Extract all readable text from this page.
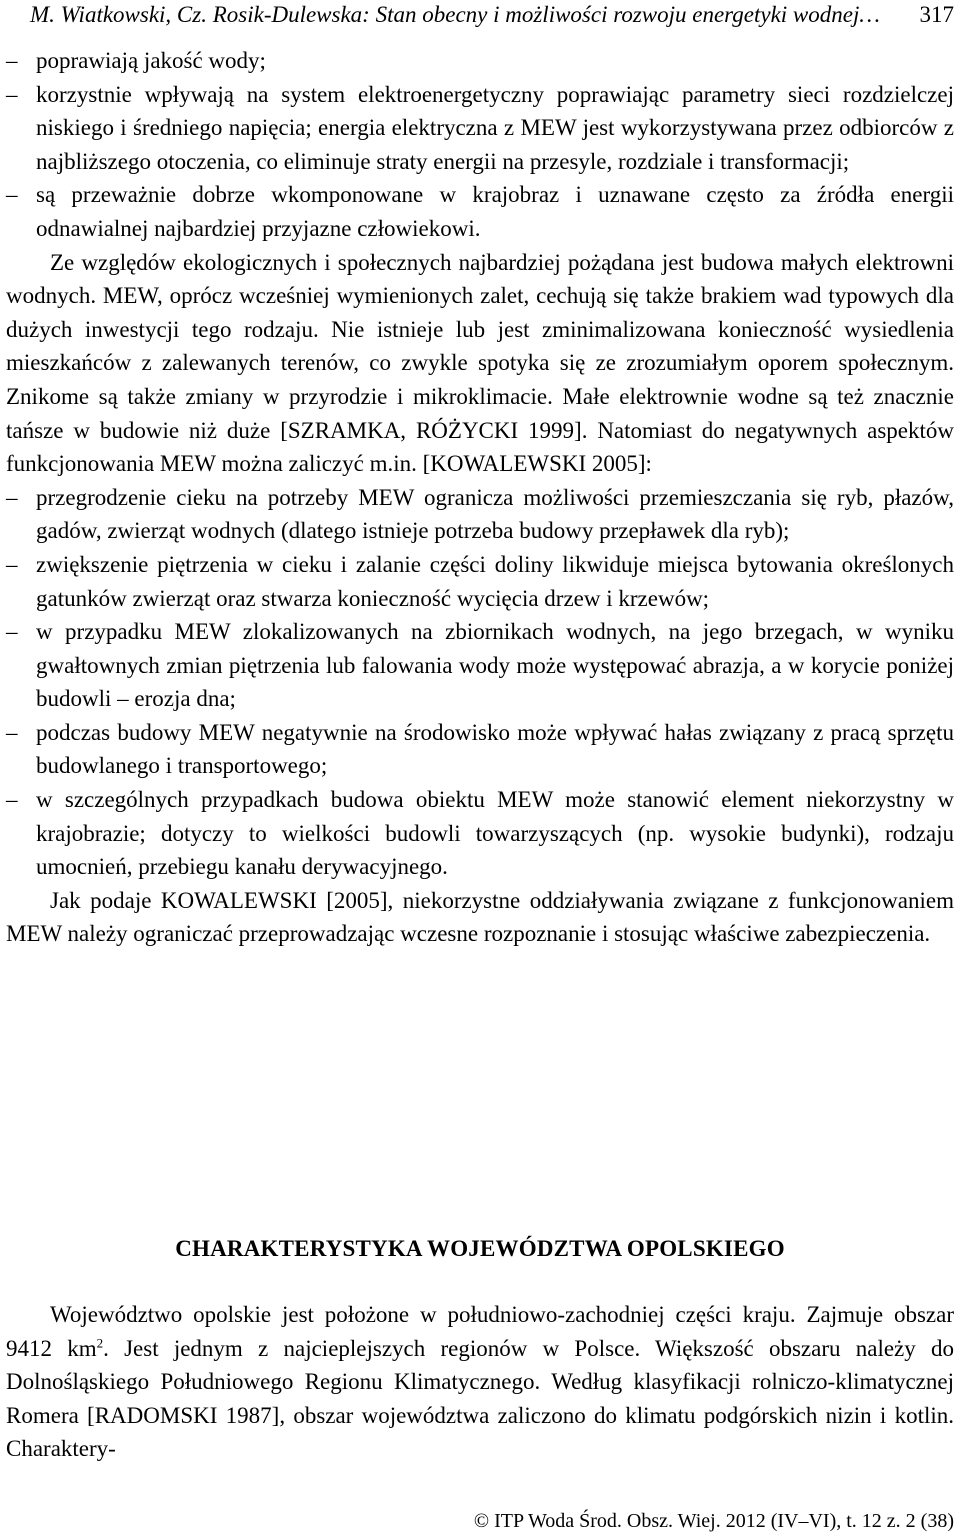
M. Wiatkowski, Cz. Rosik-Dulewska: Stan obecny i możliwości rozwoju energetyki wodnej… 317
– poprawiają jakość wody;
– korzystnie wpływają na system elektroenergetyczny poprawiając parametry sieci rozdzielczej niskiego i średniego napięcia; energia elektryczna z MEW jest wykorzystywana przez odbiorców z najbliższego otoczenia, co eliminuje straty energii na przesyle, rozdziale i transformacji;
– są przeważnie dobrze wkomponowane w krajobraz i uznawane często za źródła energii odnawialnej najbardziej przyjazne człowiekowi.

Ze względów ekologicznych i społecznych najbardziej pożądana jest budowa małych elektrowni wodnych. MEW, oprócz wcześniej wymienionych zalet, cechują się także brakiem wad typowych dla dużych inwestycji tego rodzaju. Nie istnieje lub jest zminimalizowana konieczność wysiedlenia mieszkańców z zalewanych terenów, co zwykle spotyka się ze zrozumiałym oporem społecznym. Znikome są także zmiany w przyrodzie i mikroklimacie. Małe elektrownie wodne są też znacznie tańsze w budowie niż duże [SZRAMKA, RÓŻYCKI 1999]. Natomiast do negatywnych aspektów funkcjonowania MEW można zaliczyć m.in. [KOWALEWSKI 2005]:

– przegrodzenie cieku na potrzeby MEW ogranicza możliwości przemieszczania się ryb, płazów, gadów, zwierząt wodnych (dlatego istnieje potrzeba budowy przepławek dla ryb);
– zwiększenie piętrzenia w cieku i zalanie części doliny likwiduje miejsca bytowania określonych gatunków zwierząt oraz stwarza konieczność wycięcia drzew i krzewów;
– w przypadku MEW zlokalizowanych na zbiornikach wodnych, na jego brzegach, w wyniku gwałtownych zmian piętrzenia lub falowania wody może występować abrazja, a w korycie poniżej budowli – erozja dna;
– podczas budowy MEW negatywnie na środowisko może wpływać hałas związany z pracą sprzętu budowlanego i transportowego;
– w szczególnych przypadkach budowa obiektu MEW może stanowić element niekorzystny w krajobrazie; dotyczy to wielkości budowli towarzyszących (np. wysokie budynki), rodzaju umocnień, przebiegu kanału derywacyjnego.

Jak podaje KOWALEWSKI [2005], niekorzystne oddziaływania związane z funkcjonowaniem MEW należy ograniczać przeprowadzając wczesne rozpoznanie i stosując właściwe zabezpieczenia.

CHARAKTERYSTYKA WOJEWÓDZTWA OPOLSKIEGO

Województwo opolskie jest położone w południowo-zachodniej części kraju. Zajmuje obszar 9412 $km^2$. Jest jednym z najcieplejszych regionów w Polsce. Większość obszaru należy do Dolnośląskiego Południowego Regionu Klimatycznego. Według klasyfikacji rolniczo-klimatycznej Romera [RADOMSKI 1987], obszar województwa zaliczono do klimatu podgórskich nizin i kotlin. Charaktery-

© ITP Woda Środ. Obsz. Wiej. 2012 (IV–VI), t. 12 z. 2 (38)
